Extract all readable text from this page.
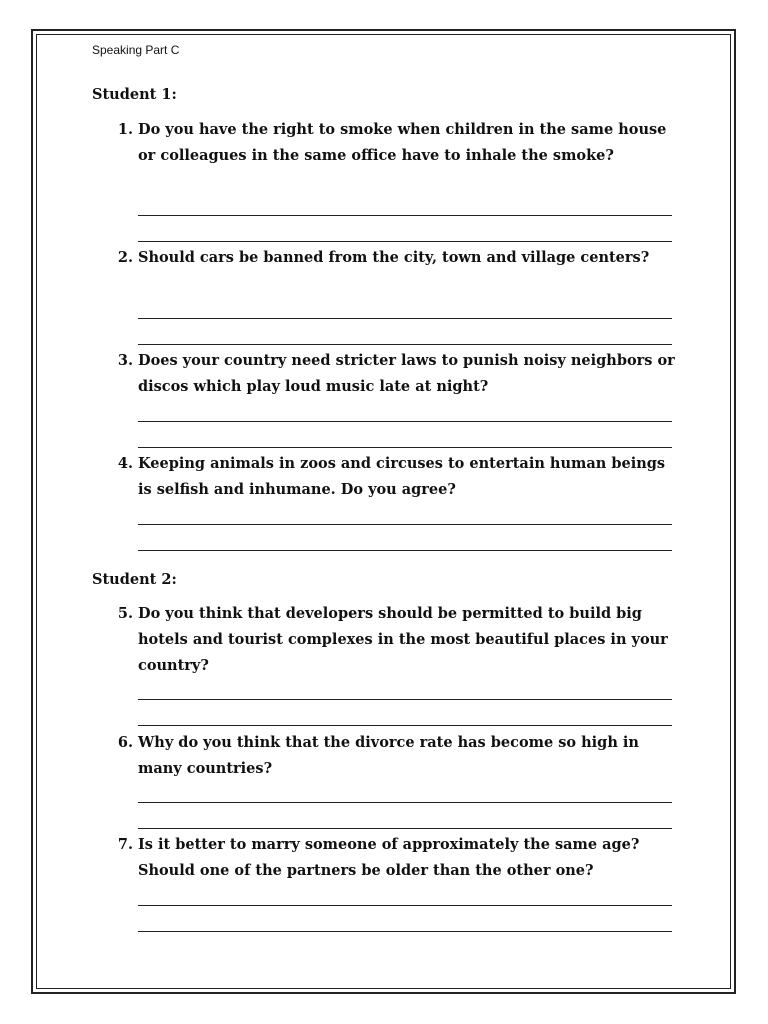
Speaking Part C
Student 1:
1. Do you have the right to smoke when children in the same house or colleagues in the same office have to inhale the smoke?
2. Should cars be banned from the city, town and village centers?
3. Does your country need stricter laws to punish noisy neighbors or discos which play loud music late at night?
4. Keeping animals in zoos and circuses to entertain human beings is selfish and inhumane. Do you agree?
Student 2:
5. Do you think that developers should be permitted to build big hotels and tourist complexes in the most beautiful places in your country?
6. Why do you think that the divorce rate has become so high in many countries?
7. Is it better to marry someone of approximately the same age? Should one of the partners be older than the other one?
